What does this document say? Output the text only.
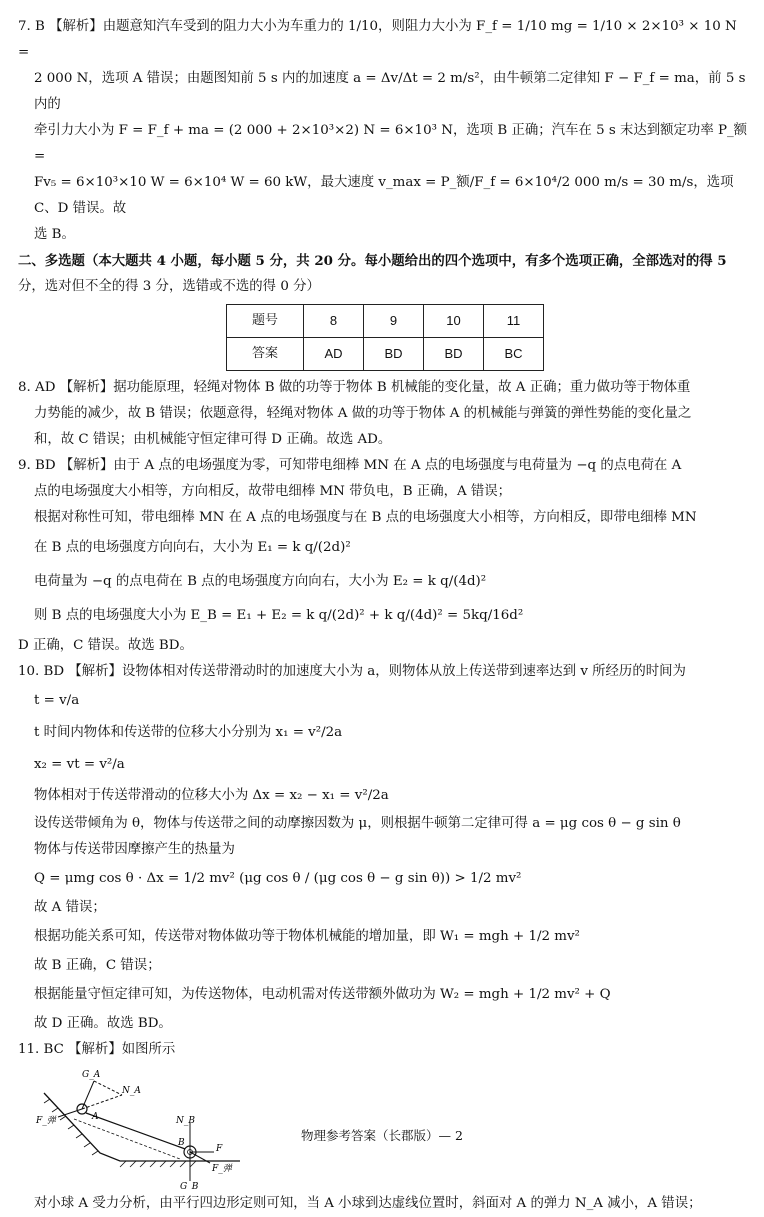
7. B 【解析】由题意知汽车受到的阻力大小为车重力的 1/10，则阻力大小为 F_f = 1/10 mg = 1/10 × 2×10³ × 10 N =

2 000 N，选项 A 错误；由题图知前 5 s 内的加速度 a = Δv/Δt = 2 m/s²，由牛顿第二定律知 F − F_f = ma，前 5 s 内的

牵引力大小为 F = F_f + ma = (2 000 + 2×10³×2) N = 6×10³ N，选项 B 正确；汽车在 5 s 末达到额定功率 P_额 =

Fv₅ = 6×10³×10 W = 6×10⁴ W = 60 kW，最大速度 v_max = P_额/F_f = 6×10⁴/2 000 m/s = 30 m/s，选项 C、D 错误。故

选 B。

二、多选题（本大题共 4 小题，每小题 5 分，共 20 分。每小题给出的四个选项中，有多个选项正确，全部选对的得 5

分，选对但不全的得 3 分，选错或不选的得 0 分）

题号	8	9	10	11
答案	AD	BD	BD	BC

8. AD 【解析】据功能原理，轻绳对物体 B 做的功等于物体 B 机械能的变化量，故 A 正确；重力做功等于物体重

力势能的减少，故 B 错误；依题意得，轻绳对物体 A 做的功等于物体 A 的机械能与弹簧的弹性势能的变化量之

和，故 C 错误；由机械能守恒定律可得 D 正确。故选 AD。

9. BD 【解析】由于 A 点的电场强度为零，可知带电细棒 MN 在 A 点的电场强度与电荷量为 −q 的点电荷在 A

点的电场强度大小相等，方向相反，故带电细棒 MN 带负电，B 正确，A 错误；

根据对称性可知，带电细棒 MN 在 A 点的电场强度与在 B 点的电场强度大小相等，方向相反，即带电细棒 MN

在 B 点的电场强度方向向右，大小为 E₁ = k q/(2d)²

电荷量为 −q 的点电荷在 B 点的电场强度方向向右，大小为 E₂ = k q/(4d)²

则 B 点的电场强度大小为 E_B = E₁ + E₂ = k q/(2d)² + k q/(4d)² = 5kq/16d²

D 正确，C 错误。故选 BD。

10. BD 【解析】设物体相对传送带滑动时的加速度大小为 a，则物体从放上传送带到速率达到 v 所经历的时间为

t = v/a

t 时间内物体和传送带的位移大小分别为 x₁ = v²/2a

x₂ = vt = v²/a

物体相对于传送带滑动的位移大小为 Δx = x₂ − x₁ = v²/2a

设传送带倾角为 θ，物体与传送带之间的动摩擦因数为 μ，则根据牛顿第二定律可得 a = μg cos θ − g sin θ

物体与传送带因摩擦产生的热量为

Q = μmg cos θ · Δx = 1/2 mv² (μg cos θ / (μg cos θ − g sin θ)) > 1/2 mv²

故 A 错误；

根据功能关系可知，传送带对物体做功等于物体机械能的增加量，即 W₁ = mgh + 1/2 mv²

故 B 正确，C 错误；

根据能量守恒定律可知，为传送物体，电动机需对传送带额外做功为 W₂ = mgh + 1/2 mv² + Q

故 D 正确。故选 BD。

11. BC 【解析】如图所示

G_A
N_A
F_弹	A	N_B
B
F
F_弹
G_B

对小球 A 受力分析，由平行四边形定则可知，当 A 小球到达虚线位置时，斜面对 A 的弹力 N_A 减小，A 错误；

物理参考答案（长郡版）— 2
